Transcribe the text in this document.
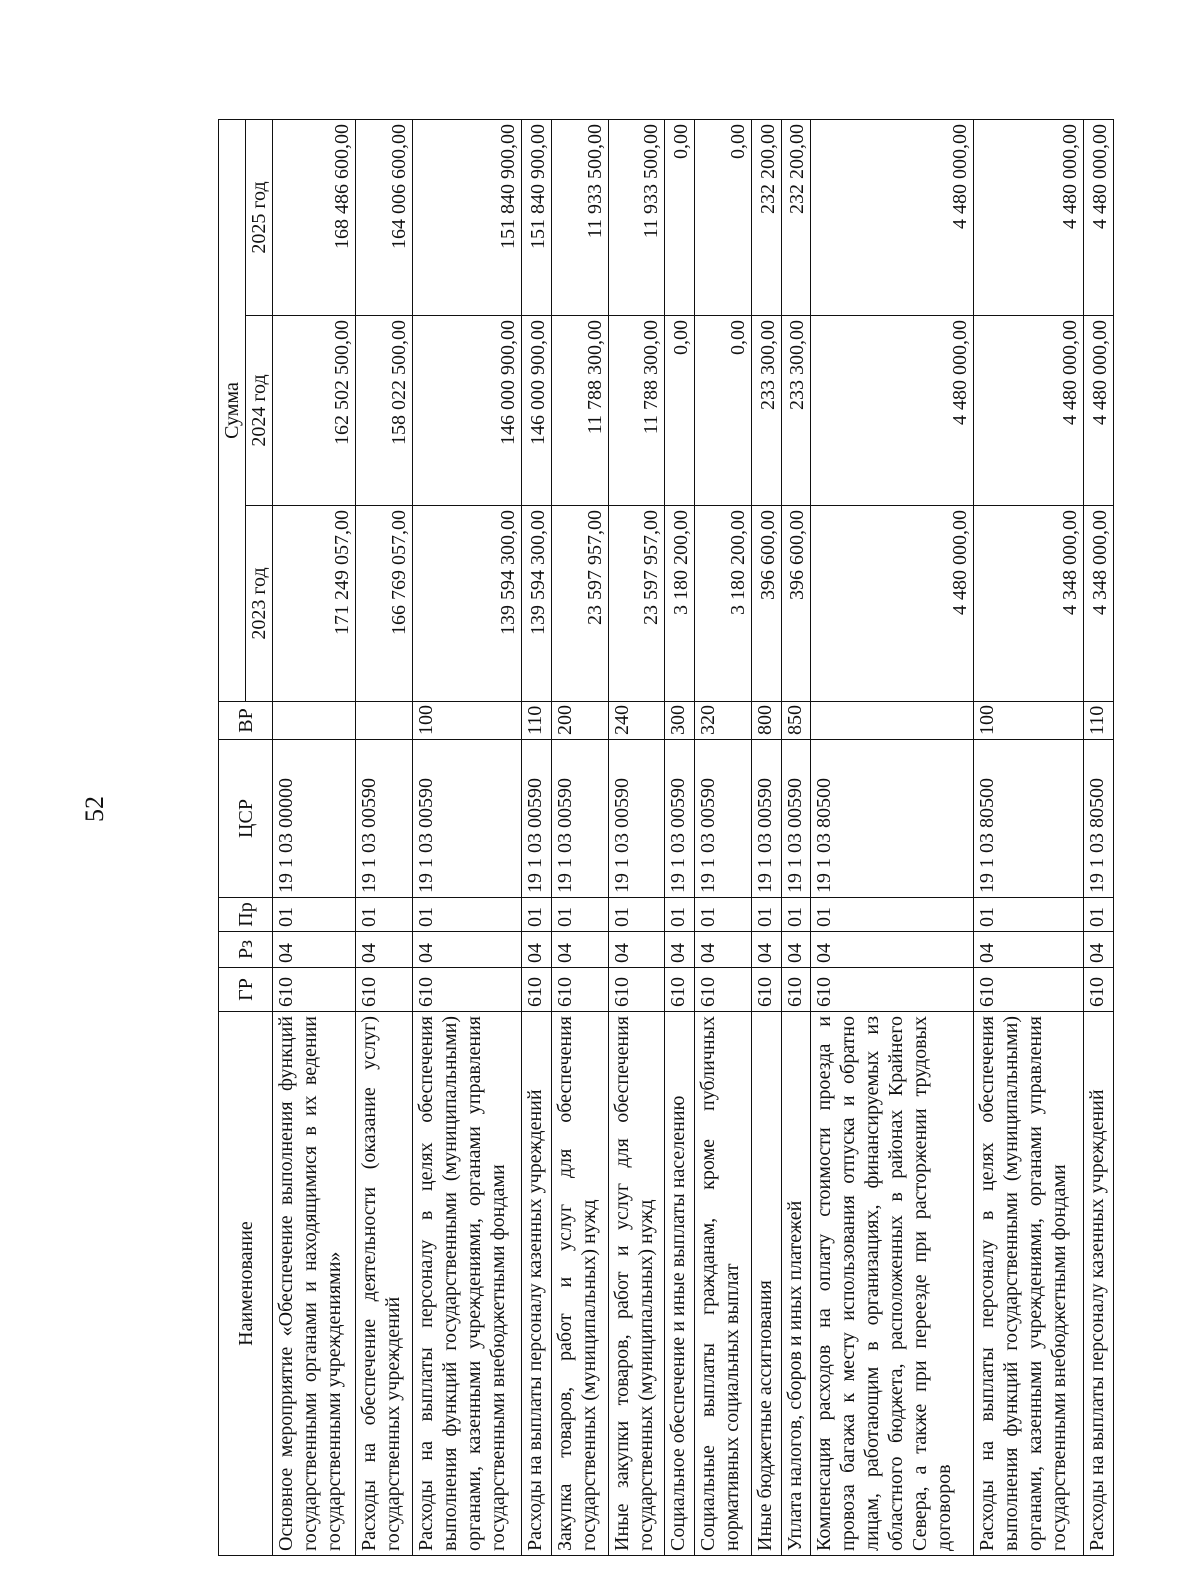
52
Наименование	ГР	Рз	Пр	ЦСР	ВР	Сумма		
						2023 год	2024 год	2025 год
Основное мероприятие «Обеспечение выполнения функций государственными органами и находящимися в их ведении государственными учреждениями»	610	04	01	19 1 03 00000		171 249 057,00	162 502 500,00	168 486 600,00
Расходы на обеспечение деятельности (оказание услуг) государственных учреждений	610	04	01	19 1 03 00590		166 769 057,00	158 022 500,00	164 006 600,00
Расходы на выплаты персоналу в целях обеспечения выполнения функций государственными (муниципальными) органами, казенными учреждениями, органами управления государственными внебюджетными фондами	610	04	01	19 1 03 00590	100	139 594 300,00	146 000 900,00	151 840 900,00
Расходы на выплаты персоналу казенных учреждений	610	04	01	19 1 03 00590	110	139 594 300,00	146 000 900,00	151 840 900,00
Закупка товаров, работ и услуг для обеспечения государственных (муниципальных) нужд	610	04	01	19 1 03 00590	200	23 597 957,00	11 788 300,00	11 933 500,00
Иные закупки товаров, работ и услуг для обеспечения государственных (муниципальных) нужд	610	04	01	19 1 03 00590	240	23 597 957,00	11 788 300,00	11 933 500,00
Социальное обеспечение и иные выплаты населению	610	04	01	19 1 03 00590	300	3 180 200,00	0,00	0,00
Социальные выплаты гражданам, кроме публичных нормативных социальных выплат	610	04	01	19 1 03 00590	320	3 180 200,00	0,00	0,00
Иные бюджетные ассигнования	610	04	01	19 1 03 00590	800	396 600,00	233 300,00	232 200,00
Уплата налогов, сборов и иных платежей	610	04	01	19 1 03 00590	850	396 600,00	233 300,00	232 200,00
Компенсация расходов на оплату стоимости проезда и провоза багажа к месту использования отпуска и обратно лицам, работающим в организациях, финансируемых из областного бюджета, расположенных в районах Крайнего Севера, а также при переезде при расторжении трудовых договоров	610	04	01	19 1 03 80500		4 480 000,00	4 480 000,00	4 480 000,00
Расходы на выплаты персоналу в целях обеспечения выполнения функций государственными (муниципальными) органами, казенными учреждениями, органами управления государственными внебюджетными фондами	610	04	01	19 1 03 80500	100	4 348 000,00	4 480 000,00	4 480 000,00
Расходы на выплаты персоналу казенных учреждений	610	04	01	19 1 03 80500	110	4 348 000,00	4 480 000,00	4 480 000,00
